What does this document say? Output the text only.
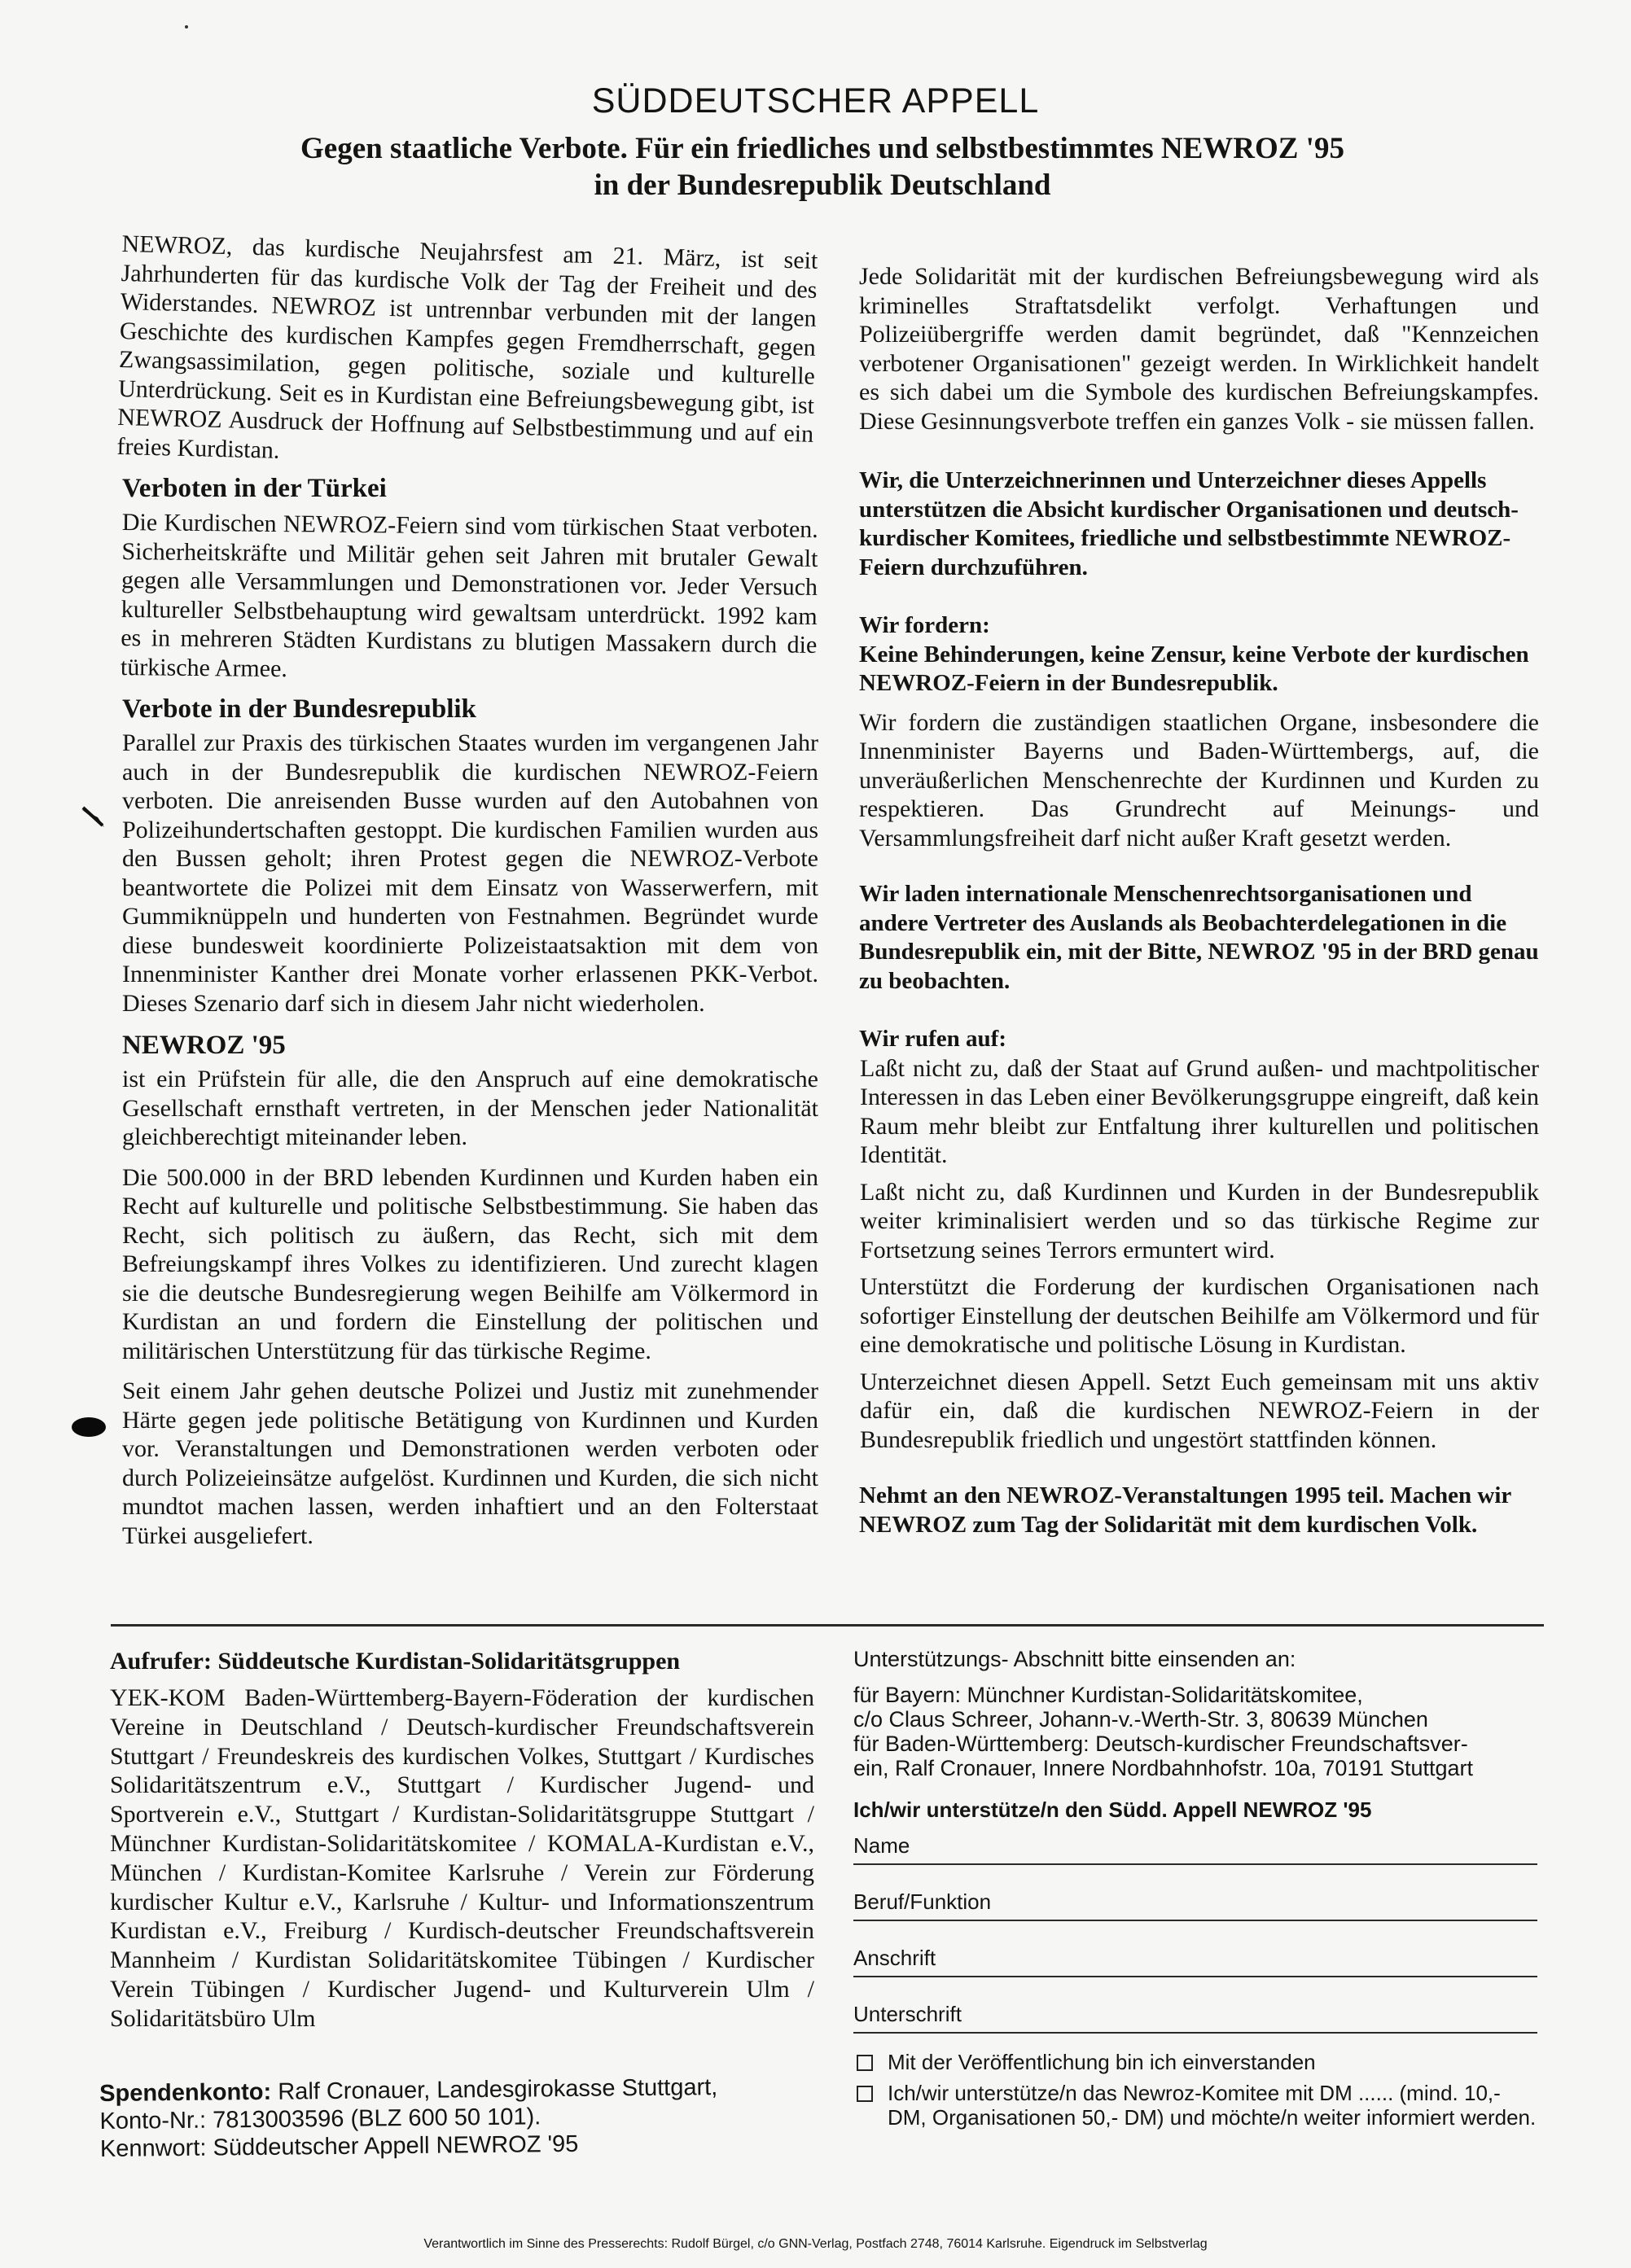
SÜDDEUTSCHER APPELL
Gegen staatliche Verbote. Für ein friedliches und selbstbestimmtes NEWROZ '95
in der Bundesrepublik Deutschland

NEWROZ, das kurdische Neujahrsfest am 21. März, ist seit Jahrhunderten für das kurdische Volk der Tag der Freiheit und des Widerstandes. NEWROZ ist untrennbar verbunden mit der langen Geschichte des kurdischen Kampfes gegen Fremdherrschaft, gegen Zwangsassimilation, gegen politische, soziale und kulturelle Unterdrückung. Seit es in Kurdistan eine Befreiungsbewegung gibt, ist NEWROZ Ausdruck der Hoffnung auf Selbstbestimmung und auf ein freies Kurdistan.

Verboten in der Türkei

Die Kurdischen NEWROZ-Feiern sind vom türkischen Staat verboten. Sicherheitskräfte und Militär gehen seit Jahren mit brutaler Gewalt gegen alle Versammlungen und Demonstrationen vor. Jeder Versuch kultureller Selbstbehauptung wird gewaltsam unterdrückt. 1992 kam es in mehreren Städten Kurdistans zu blutigen Massakern durch die türkische Armee.

Verbote in der Bundesrepublik

Parallel zur Praxis des türkischen Staates wurden im vergangenen Jahr auch in der Bundesrepublik die kurdischen NEWROZ-Feiern verboten. Die anreisenden Busse wurden auf den Autobahnen von Polizeihundertschaften gestoppt. Die kurdischen Familien wurden aus den Bussen geholt; ihren Protest gegen die NEWROZ-Verbote beantwortete die Polizei mit dem Einsatz von Wasserwerfern, mit Gummiknüppeln und hunderten von Festnahmen. Begründet wurde diese bundesweit koordinierte Polizeistaatsaktion mit dem von Innenminister Kanther drei Monate vorher erlassenen PKK-Verbot. Dieses Szenario darf sich in diesem Jahr nicht wiederholen.

NEWROZ '95

ist ein Prüfstein für alle, die den Anspruch auf eine demokratische Gesellschaft ernsthaft vertreten, in der Menschen jeder Nationalität gleichberechtigt miteinander leben.

Die 500.000 in der BRD lebenden Kurdinnen und Kurden haben ein Recht auf kulturelle und politische Selbstbestimmung. Sie haben das Recht, sich politisch zu äußern, das Recht, sich mit dem Befreiungskampf ihres Volkes zu identifizieren. Und zurecht klagen sie die deutsche Bundesregierung wegen Beihilfe am Völkermord in Kurdistan an und fordern die Einstellung der politischen und militärischen Unterstützung für das türkische Regime.

Seit einem Jahr gehen deutsche Polizei und Justiz mit zunehmender Härte gegen jede politische Betätigung von Kurdinnen und Kurden vor. Veranstaltungen und Demonstrationen werden verboten oder durch Polizeieinsätze aufgelöst. Kurdinnen und Kurden, die sich nicht mundtot machen lassen, werden inhaftiert und an den Folterstaat Türkei ausgeliefert.

Jede Solidarität mit der kurdischen Befreiungsbewegung wird als kriminelles Straftatsdelikt verfolgt. Verhaftungen und Polizeiübergriffe werden damit begründet, daß "Kennzeichen verbotener Organisationen" gezeigt werden. In Wirklichkeit handelt es sich dabei um die Symbole des kurdischen Befreiungskampfes. Diese Gesinnungsverbote treffen ein ganzes Volk - sie müssen fallen.

Wir, die Unterzeichnerinnen und Unterzeichner dieses Appells unterstützen die Absicht kurdischer Organisationen und deutsch-kurdischer Komitees, friedliche und selbstbestimmte NEWROZ-Feiern durchzuführen.

Wir fordern:

Keine Behinderungen, keine Zensur, keine Verbote der kurdischen NEWROZ-Feiern in der Bundesrepublik.

Wir fordern die zuständigen staatlichen Organe, insbesondere die Innenminister Bayerns und Baden-Württembergs, auf, die unveräußerlichen Menschenrechte der Kurdinnen und Kurden zu respektieren. Das Grundrecht auf Meinungs- und Versammlungsfreiheit darf nicht außer Kraft gesetzt werden.

Wir laden internationale Menschenrechtsorganisationen und andere Vertreter des Auslands als Beobachterdelegationen in die Bundesrepublik ein, mit der Bitte, NEWROZ '95 in der BRD genau zu beobachten.

Wir rufen auf:

Laßt nicht zu, daß der Staat auf Grund außen- und machtpolitischer Interessen in das Leben einer Bevölkerungsgruppe eingreift, daß kein Raum mehr bleibt zur Entfaltung ihrer kulturellen und politischen Identität.

Laßt nicht zu, daß Kurdinnen und Kurden in der Bundesrepublik weiter kriminalisiert werden und so das türkische Regime zur Fortsetzung seines Terrors ermuntert wird.

Unterstützt die Forderung der kurdischen Organisationen nach sofortiger Einstellung der deutschen Beihilfe am Völkermord und für eine demokratische und politische Lösung in Kurdistan.

Unterzeichnet diesen Appell. Setzt Euch gemeinsam mit uns aktiv dafür ein, daß die kurdischen NEWROZ-Feiern in der Bundesrepublik friedlich und ungestört stattfinden können.

Nehmt an den NEWROZ-Veranstaltungen 1995 teil. Machen wir NEWROZ zum Tag der Solidarität mit dem kurdischen Volk.

Aufrufer: Süddeutsche Kurdistan-Solidaritätsgruppen

YEK-KOM Baden-Württemberg-Bayern-Föderation der kurdischen Vereine in Deutschland / Deutsch-kurdischer Freundschaftsverein Stuttgart / Freundeskreis des kurdischen Volkes, Stuttgart / Kurdisches Solidaritätszentrum e.V., Stuttgart / Kurdischer Jugend- und Sportverein e.V., Stuttgart / Kurdistan-Solidaritätsgruppe Stuttgart / Münchner Kurdistan-Solidaritätskomitee / KOMALA-Kurdistan e.V., München / Kurdistan-Komitee Karlsruhe / Verein zur Förderung kurdischer Kultur e.V., Karlsruhe / Kultur- und Informationszentrum Kurdistan e.V., Freiburg / Kurdisch-deutscher Freundschaftsverein Mannheim / Kurdistan Solidaritätskomitee Tübingen / Kurdischer Verein Tübingen / Kurdischer Jugend- und Kulturverein Ulm / Solidaritätsbüro Ulm

Spendenkonto: Ralf Cronauer, Landesgirokasse Stuttgart,
Konto-Nr.: 7813003596 (BLZ 600 50 101).
Kennwort: Süddeutscher Appell NEWROZ '95

Unterstützungs- Abschnitt bitte einsenden an:

für Bayern: Münchner Kurdistan-Solidaritätskomitee,

c/o Claus Schreer, Johann-v.-Werth-Str. 3, 80639 München

für Baden-Württemberg: Deutsch-kurdischer Freundschaftsver-

ein, Ralf Cronauer, Innere Nordbahnhofstr. 10a, 70191 Stuttgart

Ich/wir unterstütze/n den Südd. Appell NEWROZ '95

Name
Beruf/Funktion
Anschrift
Unterschrift
Mit der Veröffentlichung bin ich einverstanden
Ich/wir unterstütze/n das Newroz-Komitee mit DM ...... (mind. 10,- DM, Organisationen 50,- DM) und möchte/n weiter informiert werden.
Verantwortlich im Sinne des Presserechts: Rudolf Bürgel, c/o GNN-Verlag, Postfach 2748, 76014 Karlsruhe. Eigendruck im Selbstverlag
